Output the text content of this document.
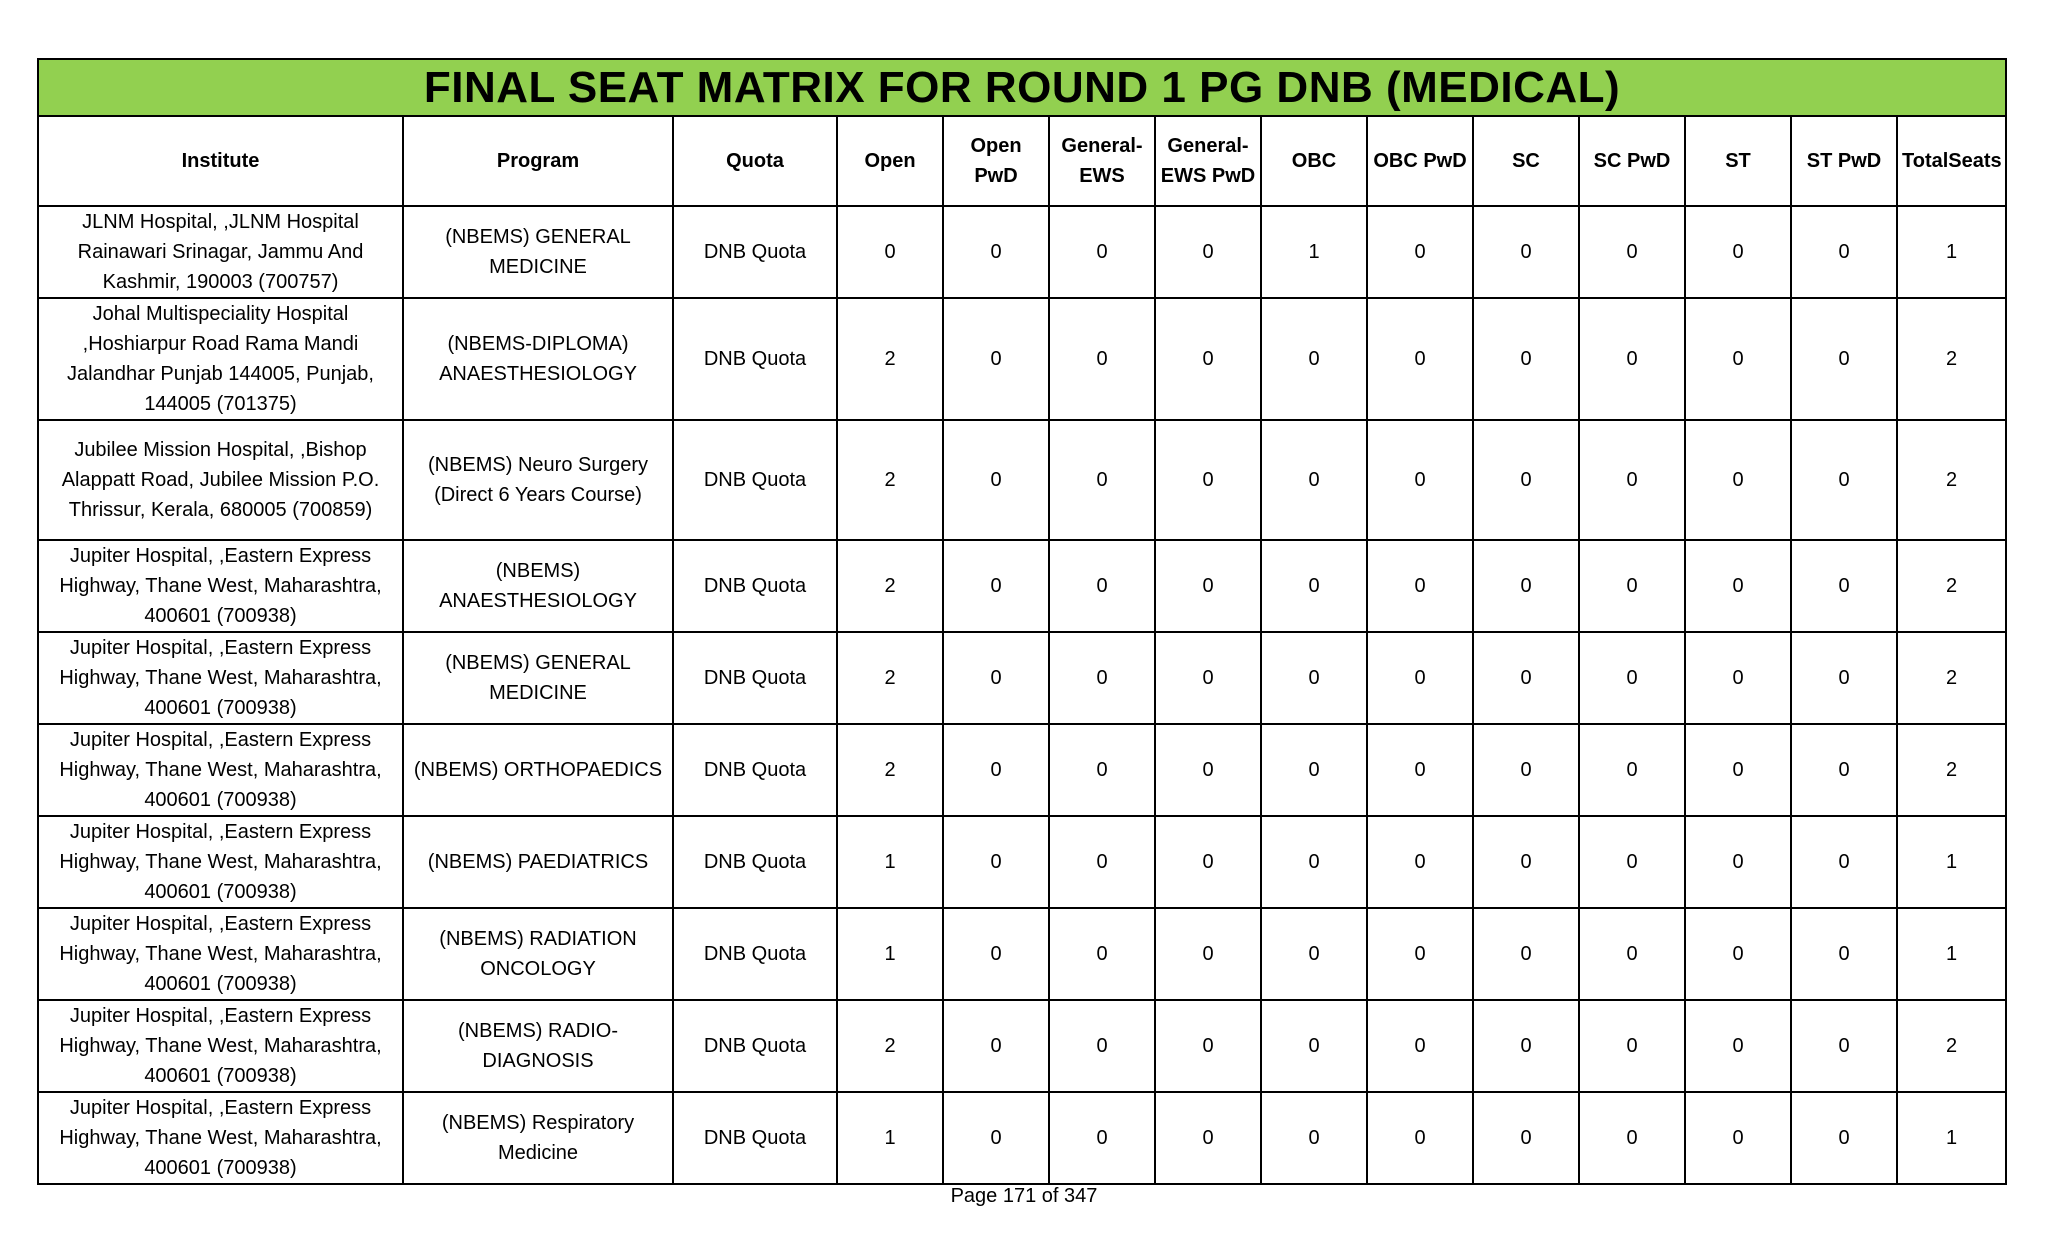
FINAL SEAT MATRIX FOR ROUND 1 PG DNB (MEDICAL)													
Institute	Program	Quota	Open	Open PwD	General-EWS	General-EWS PwD	OBC	OBC PwD	SC	SC PwD	ST	ST PwD	TotalSeats
JLNM Hospital, ,JLNM Hospital Rainawari Srinagar, Jammu And Kashmir, 190003 (700757)	(NBEMS) GENERAL MEDICINE	DNB Quota	0	0	0	0	1	0	0	0	0	0	1
Johal Multispeciality Hospital ,Hoshiarpur Road Rama Mandi Jalandhar Punjab 144005, Punjab, 144005 (701375)	(NBEMS-DIPLOMA) ANAESTHESIOLOGY	DNB Quota	2	0	0	0	0	0	0	0	0	0	2
Jubilee Mission Hospital, ,Bishop Alappatt Road, Jubilee Mission P.O. Thrissur, Kerala, 680005 (700859)	(NBEMS) Neuro Surgery (Direct 6 Years Course)	DNB Quota	2	0	0	0	0	0	0	0	0	0	2
Jupiter Hospital, ,Eastern Express Highway, Thane West, Maharashtra, 400601 (700938)	(NBEMS) ANAESTHESIOLOGY	DNB Quota	2	0	0	0	0	0	0	0	0	0	2
Jupiter Hospital, ,Eastern Express Highway, Thane West, Maharashtra, 400601 (700938)	(NBEMS) GENERAL MEDICINE	DNB Quota	2	0	0	0	0	0	0	0	0	0	2
Jupiter Hospital, ,Eastern Express Highway, Thane West, Maharashtra, 400601 (700938)	(NBEMS) ORTHOPAEDICS	DNB Quota	2	0	0	0	0	0	0	0	0	0	2
Jupiter Hospital, ,Eastern Express Highway, Thane West, Maharashtra, 400601 (700938)	(NBEMS) PAEDIATRICS	DNB Quota	1	0	0	0	0	0	0	0	0	0	1
Jupiter Hospital, ,Eastern Express Highway, Thane West, Maharashtra, 400601 (700938)	(NBEMS) RADIATION ONCOLOGY	DNB Quota	1	0	0	0	0	0	0	0	0	0	1
Jupiter Hospital, ,Eastern Express Highway, Thane West, Maharashtra, 400601 (700938)	(NBEMS) RADIO-DIAGNOSIS	DNB Quota	2	0	0	0	0	0	0	0	0	0	2
Jupiter Hospital, ,Eastern Express Highway, Thane West, Maharashtra, 400601 (700938)	(NBEMS) Respiratory Medicine	DNB Quota	1	0	0	0	0	0	0	0	0	0	1
Page 171 of 347
